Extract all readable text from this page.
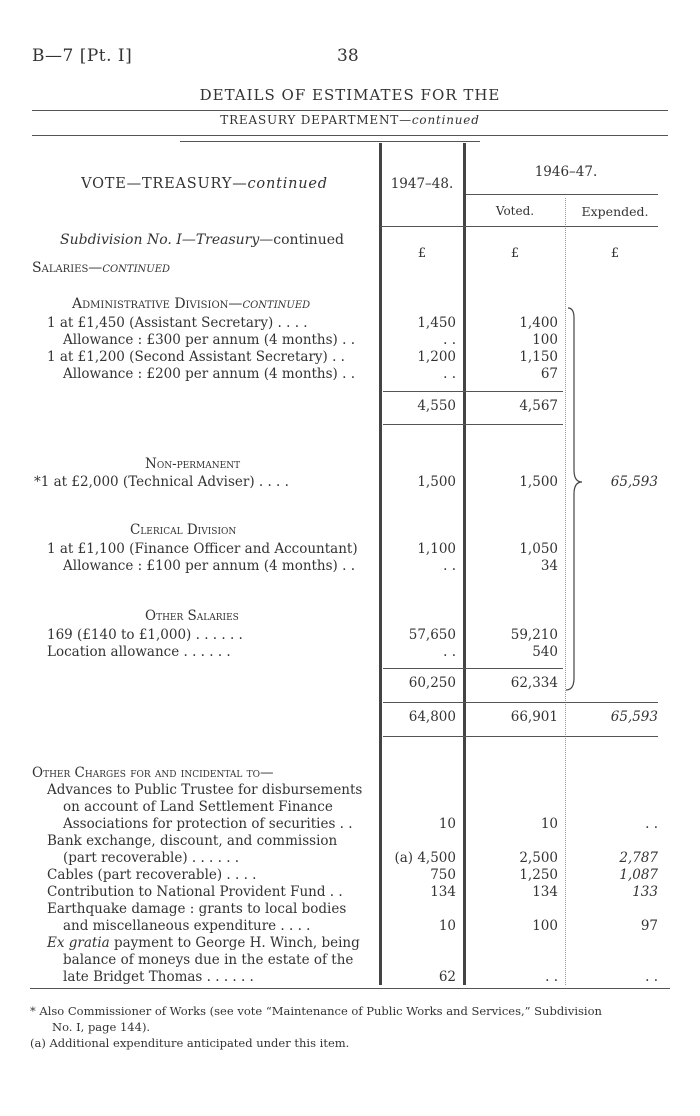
B—7 [Pt. I]	38
DETAILS OF ESTIMATES FOR THE
TREASURY DEPARTMENT—continued
VOTE—TREASURY—continued	1947–48.
1946–47.
Voted.	Expended.
Subdivision No. I—Treasury—continued
£	£	£
Salaries—continued
Administrative Division—continued
1 at £1,450 (Assistant Secretary) . . . .	1,450	1,400
Allowance : £300 per annum (4 months) . .	. .	100
1 at £1,200 (Second Assistant Secretary) . .	1,200	1,150
Allowance : £200 per annum (4 months) . .	. .	67
4,550	4,567
Non-permanent
*1 at £2,000 (Technical Adviser) . . . .	1,500	1,500	65,593
Clerical Division
1 at £1,100 (Finance Officer and Accountant)	1,100	1,050
Allowance : £100 per annum (4 months) . .	. .	34
Other Salaries
169 (£140 to £1,000) . . . . . .	57,650	59,210
Location allowance . . . . . .	. .	540
60,250	62,334
64,800	66,901	65,593
Other Charges for and incidental to—
Advances to Public Trustee for disbursements
on account of Land Settlement Finance
Associations for protection of securities . .	10	10	. .
Bank exchange, discount, and commission
(part recoverable) . . . . . .	(a) 4,500	2,500	2,787
Cables (part recoverable) . . . .	750	1,250	1,087
Contribution to National Provident Fund . .	134	134	133
Earthquake damage : grants to local bodies
and miscellaneous expenditure . . . .	10	100	97
Ex gratia payment to George H. Winch, being
balance of moneys due in the estate of the
late Bridget Thomas . . . . . .	62	. .	. .
* Also Commissioner of Works (see vote “Maintenance of Public Works and Services,” Subdivision
No. I, page 144).
(a) Additional expenditure anticipated under this item.
